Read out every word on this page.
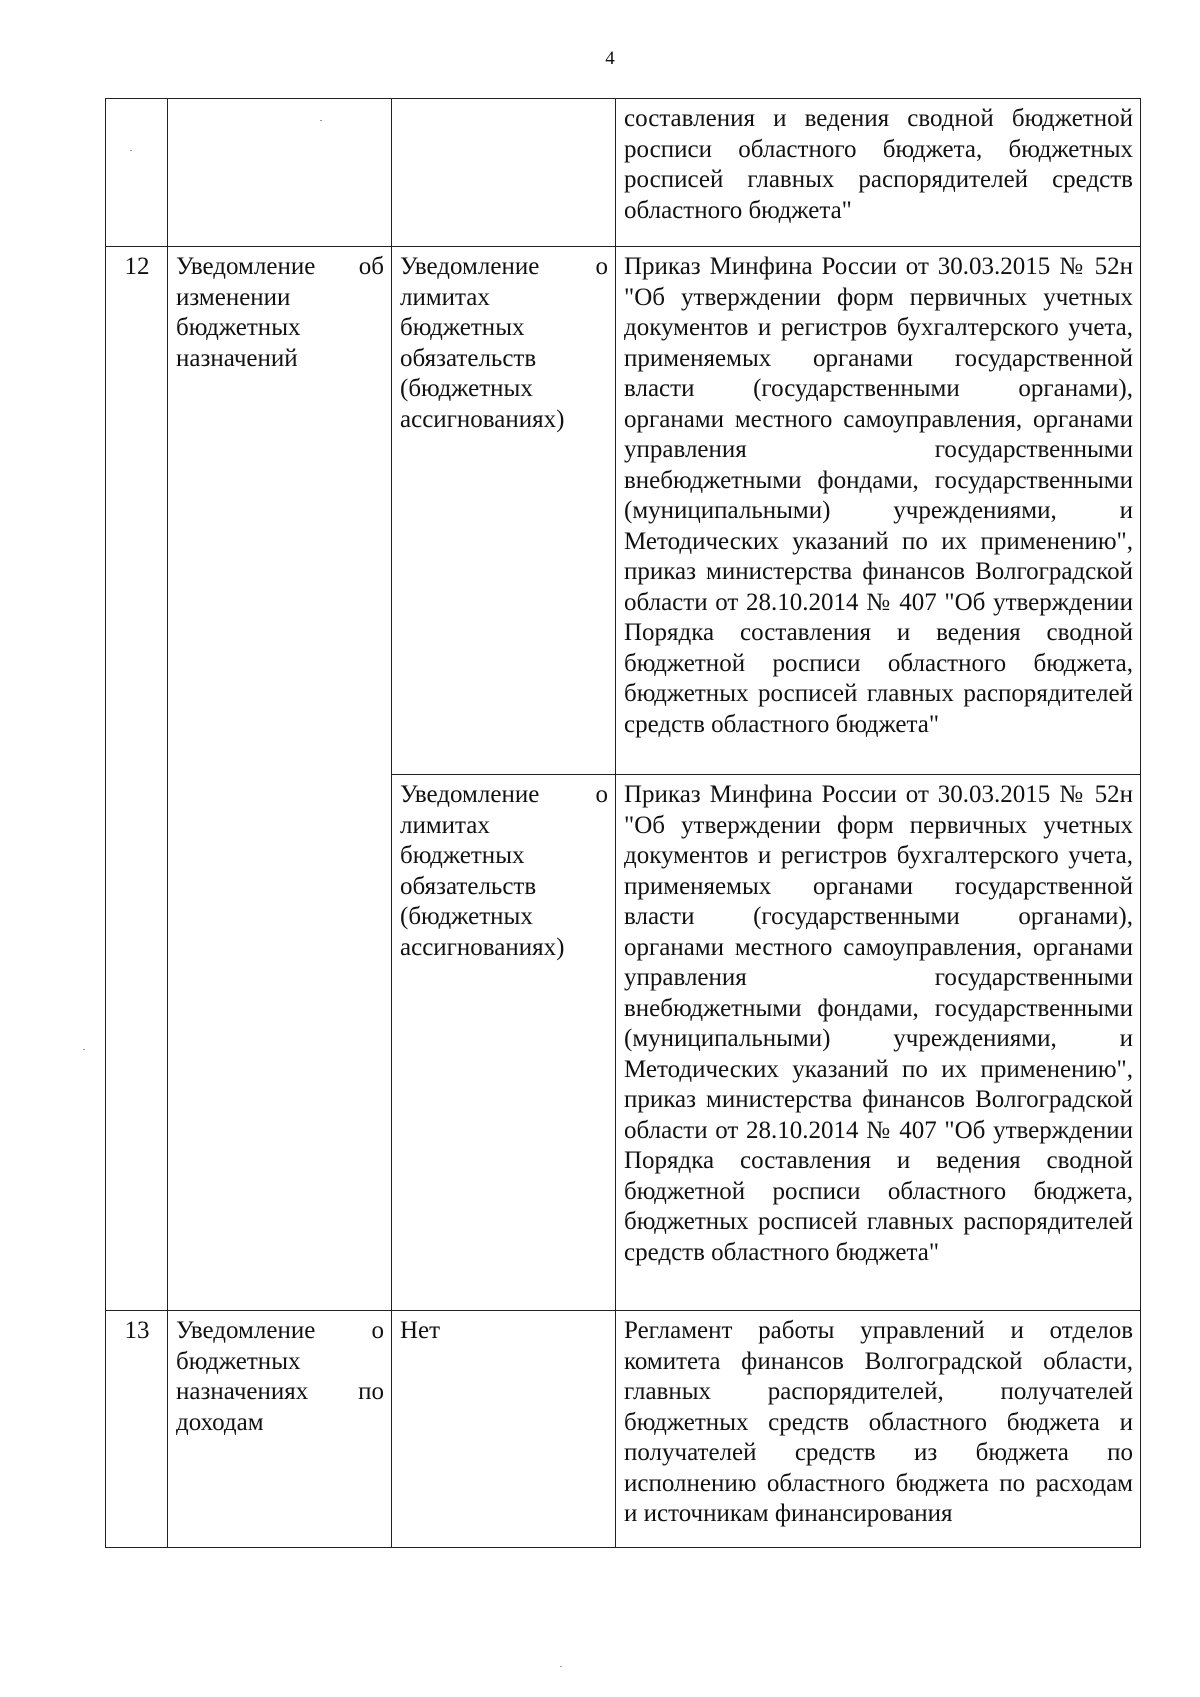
4
			составления и ведения сводной бюджетной росписи областного бюджета, бюджетных росписей главных распорядителей средств областного бюджета"
12	Уведомление об изменении бюджетных назначений	Уведомление о лимитах бюджетных обязательств (бюджетных ассигнованиях)	Приказ Минфина России от 30.03.2015 № 52н "Об утверждении форм первичных учетных документов и регистров бухгалтерского учета, применяемых органами государственной власти (государственными органами), органами местного самоуправления, органами управления государственными внебюджетными фондами, государственными (муниципальными) учреждениями, и Методических указаний по их применению", приказ министерства финансов Волгоградской области от 28.10.2014 № 407 "Об утверждении Порядка составления и ведения сводной бюджетной росписи областного бюджета, бюджетных росписей главных распорядителей средств областного бюджета"
		Уведомление о лимитах бюджетных обязательств (бюджетных ассигнованиях)	Приказ Минфина России от 30.03.2015 № 52н "Об утверждении форм первичных учетных документов и регистров бухгалтерского учета, применяемых органами государственной власти (государственными органами), органами местного самоуправления, органами управления государственными внебюджетными фондами, государственными (муниципальными) учреждениями, и Методических указаний по их применению", приказ министерства финансов Волгоградской области от 28.10.2014 № 407 "Об утверждении Порядка составления и ведения сводной бюджетной росписи областного бюджета, бюджетных росписей главных распорядителей средств областного бюджета"
13	Уведомление о бюджетных назначениях по доходам	Нет	Регламент работы управлений и отделов комитета финансов Волгоградской области, главных распорядителей, получателей бюджетных средств областного бюджета и получателей средств из бюджета по исполнению областного бюджета по расходам и источникам финансирования
